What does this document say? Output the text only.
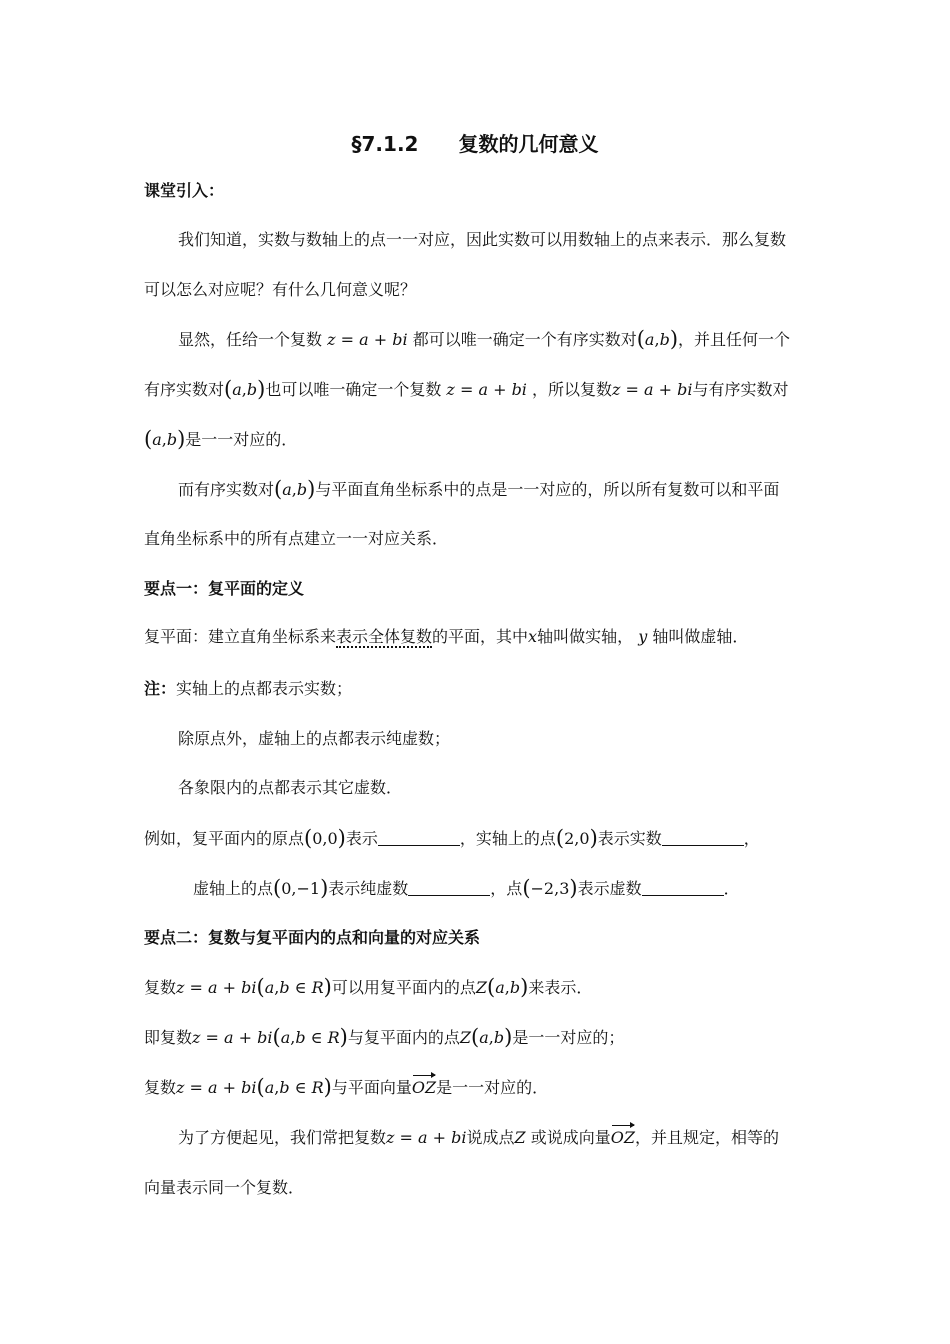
§7.1.2　　复数的几何意义
课堂引入：
我们知道，实数与数轴上的点一一对应，因此实数可以用数轴上的点来表示．那么复数
可以怎么对应呢？有什么几何意义呢？
显然，任给一个复数 z = a + bi 都可以唯一确定一个有序实数对(a,b)，并且任何一个
有序实数对(a,b)也可以唯一确定一个复数 z = a + bi ，所以复数z = a + bi与有序实数对
(a,b)是一一对应的．
而有序实数对(a,b)与平面直角坐标系中的点是一一对应的，所以所有复数可以和平面
直角坐标系中的所有点建立一一对应关系．
要点一：复平面的定义
复平面：建立直角坐标系来表示全体复数的平面，其中x轴叫做实轴， y 轴叫做虚轴．
注：实轴上的点都表示实数；
除原点外，虚轴上的点都表示纯虚数；
各象限内的点都表示其它虚数．
例如，复平面内的原点(0,0)表示	，实轴上的点(2,0)表示实数	，
虚轴上的点(0,−1)表示纯虚数	，点(−2,3)表示虚数	．
要点二：复数与复平面内的点和向量的对应关系
复数z = a + bi(a,b ∈ R)可以用复平面内的点Z(a,b)来表示．
即复数z = a + bi(a,b ∈ R)与复平面内的点Z(a,b)是一一对应的；
复数z = a + bi(a,b ∈ R)与平面向量OZ是一一对应的．
为了方便起见，我们常把复数z = a + bi说成点Z 或说成向量OZ，并且规定，相等的
向量表示同一个复数．
